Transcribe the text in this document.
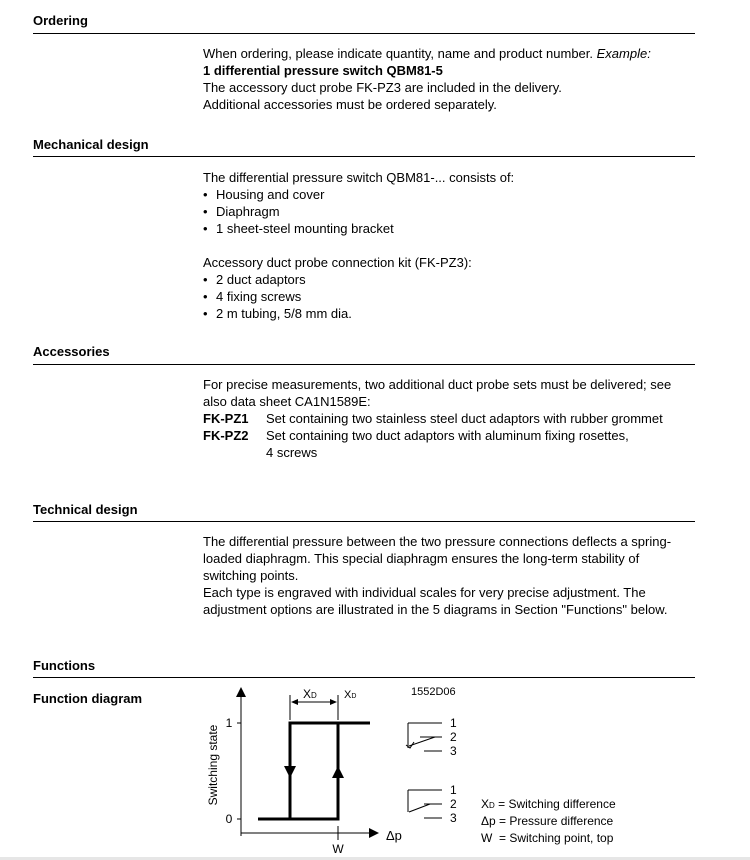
Ordering

When ordering, please indicate quantity, name and product number. Example:

1 differential pressure switch QBM81-5

The accessory duct probe FK-PZ3 are included in the delivery.

Additional accessories must be ordered separately.

Mechanical design

The differential pressure switch QBM81-... consists of:

• Housing and cover
• Diaphragm
• 1 sheet-steel mounting bracket

Accessory duct probe connection kit (FK-PZ3):

• 2 duct adaptors
• 4 fixing screws
• 2 m tubing, 5/8 mm dia.
Accessories

For precise measurements, two additional duct probe sets must be delivered; see also data sheet CA1N1589E:

FK-PZ1	Set containing two stainless steel duct adaptors with rubber grommet
FK-PZ2	Set containing two duct adaptors with aluminum fixing rosettes,
4 screws
Technical design

The differential pressure between the two pressure connections deflects a spring-loaded diaphragm. This special diaphragm ensures the long-term stability of switching points.

Each type is engraved with individual scales for very precise adjustment. The adjustment options are illustrated in the 5 diagrams in Section "Functions" below.

Functions
Function diagram
1
0
Switching state
XD XD
W
Δp
1552D06
1
2
3
1
2
3
XD = Switching difference
Δp = Pressure difference
W  = Switching point, top
